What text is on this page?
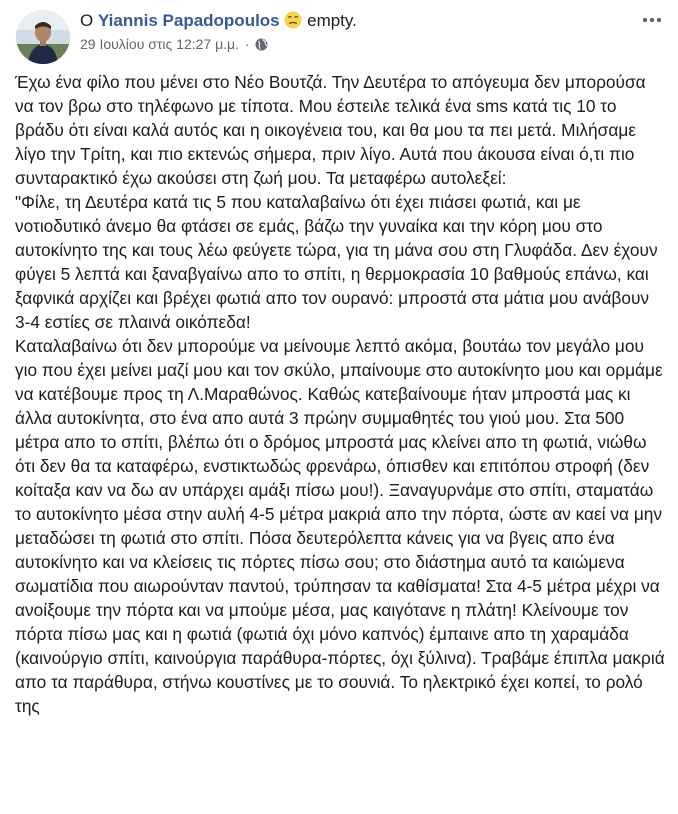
O Yiannis Papadopoulos empty.
29 Ιουλίου στις 12:27 μ.μ. ·

Έχω ένα φίλο που μένει στο Νέο Βουτζά. Την Δευτέρα το απόγευμα δεν μπορούσα να τον βρω στο τηλέφωνο με τίποτα. Μου έστειλε τελικά ένα sms κατά τις 10 το βράδυ ότι είναι καλά αυτός και η οικογένεια του, και θα μου τα πει μετά. Μιλήσαμε λίγο την Τρίτη, και πιο εκτενώς σήμερα, πριν λίγο. Αυτά που άκουσα είναι ό,τι πιο συνταρακτικό έχω ακούσει στη ζωή μου. Τα μεταφέρω αυτολεξεί:

"Φίλε, τη Δευτέρα κατά τις 5 που καταλαβαίνω ότι έχει πιάσει φωτιά, και με νοτιοδυτικό άνεμο θα φτάσει σε εμάς, βάζω την γυναίκα και την κόρη μου στο αυτοκίνητο της και τους λέω φεύγετε τώρα, για τη μάνα σου στη Γλυφάδα. Δεν έχουν φύγει 5 λεπτά και ξαναβγαίνω απο το σπίτι, η θερμοκρασία 10 βαθμούς επάνω, και ξαφνικά αρχίζει και βρέχει φωτιά απο τον ουρανό: μπροστά στα μάτια μου ανάβουν 3-4 εστίες σε πλαινά οικόπεδα!

Καταλαβαίνω ότι δεν μπορούμε να μείνουμε λεπτό ακόμα, βουτάω τον μεγάλο μου γιο που έχει μείνει μαζί μου και τον σκύλο, μπαίνουμε στο αυτοκίνητο μου και ορμάμε να κατέβουμε προς τη Λ.Μαραθώνος. Καθώς κατεβαίνουμε ήταν μπροστά μας κι άλλα αυτοκίνητα, στο ένα απο αυτά 3 πρώην συμμαθητές του γιού μου. Στα 500 μέτρα απο το σπίτι, βλέπω ότι ο δρόμος μπροστά μας κλείνει απο τη φωτιά, νιώθω ότι δεν θα τα καταφέρω, ενστικτωδώς φρενάρω, όπισθεν και επιτόπου στροφή (δεν κοίταξα καν να δω αν υπάρχει αμάξι πίσω μου!). Ξαναγυρνάμε στο σπίτι, σταματάω το αυτοκίνητο μέσα στην αυλή 4-5 μέτρα μακριά απο την πόρτα, ώστε αν καεί να μην μεταδώσει τη φωτιά στο σπίτι. Πόσα δευτερόλεπτα κάνεις για να βγεις απο ένα αυτοκίνητο και να κλείσεις τις πόρτες πίσω σου; στο διάστημα αυτό τα καιώμενα σωματίδια που αιωρούνταν παντού, τρύπησαν τα καθίσματα! Στα 4-5 μέτρα μέχρι να ανοίξουμε την πόρτα και να μπούμε μέσα, μας καιγότανε η πλάτη! Κλείνουμε τον πόρτα πίσω μας και η φωτιά (φωτιά όχι μόνο καπνός) έμπαινε απο τη χαραμάδα (καινούργιο σπίτι, καινούργια παράθυρα-πόρτες, όχι ξύλινα). Τραβάμε έπιπλα μακριά απο τα παράθυρα, στήνω κουστίνες με το σουνιά. Το ηλεκτρικό έχει κοπεί, το ρολό της
